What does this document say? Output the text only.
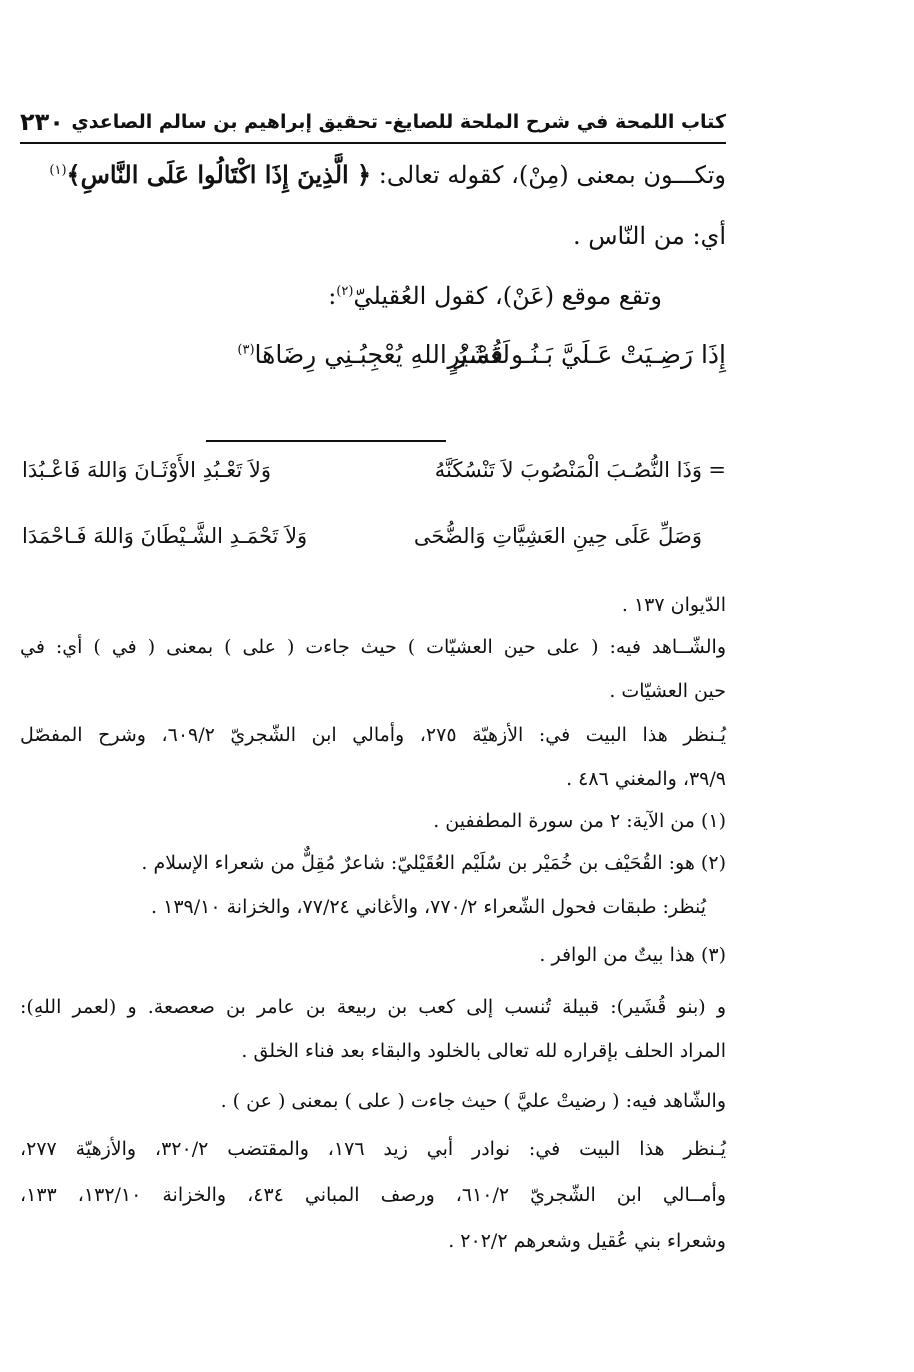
كتاب اللمحة في شرح الملحة للصايغ- تحقيق إبراهيم بن سالم الصاعدي
٢٣٠
وتكـــون بمعنى (مِنْ)، كقوله تعالى: ﴿ الَّذِينَ إِذَا اكْتَالُوا عَلَى النَّاسِ﴾$^{(١)}$
أي: من النّاس .
وتقع موقع (عَنْ)، كقول العُقيليّ$^{(٢)}$:
إِذَا رَضِـيَتْ عَـلَيَّ بَـنُـو قُشَيْرٍ
لَعَمْـرُ اللهِ يُعْجِبُـنِي رِضَاهَا$^{(٣)}$
=
وَذَا النُّصُـبَ الْمَنْصُوبَ لاَ تَنْسُكَنَّهُ
وَلاَ تَعْـبُدِ الأَوْثَـانَ وَاللهَ فَاعْـبُدَا
وَصَلِّ عَلَى حِينِ العَشِيَّاتِ وَالضُّحَى
وَلاَ تَحْمَـدِ الشَّـيْطَانَ وَاللهَ فَـاحْمَدَا
الدّيوان ١٣٧ .
والشّــاهد فيه: ( على حين العشيّات ) حيث جاءت ( على ) بمعنى ( في ) أي: في
حين العشيّات .
يُـنظر هذا البيت في: الأزهيّة ٢٧٥، وأمالي ابن الشّجريّ ٦٠٩/٢، وشرح المفصّل
٣٩/٩، والمغني ٤٨٦ .
(١) من الآية: ٢ من سورة المطففين .
(٢) هو: القُحَيْف بن خُمَيْر بن سُلَيْم العُقَيْليّ: شاعرٌ مُقِلٌّ من شعراء الإسلام .
يُنظر: طبقات فحول الشّعراء ٧٧٠/٢، والأغاني ٧٧/٢٤، والخزانة ١٣٩/١٠ .
(٣) هذا بيتٌ من الوافر .
و (بنو قُشَير): قبيلة تُنسب إلى كعب بن ربيعة بن عامر بن صعصعة. و (لعمر اللهِ):
المراد الحلف بإقراره لله تعالى بالخلود والبقاء بعد فناء الخلق .
والشّاهد فيه: ( رضيتْ عليَّ ) حيث جاءت ( على ) بمعنى ( عن ) .
يُـنظر هذا البيت في: نوادر أبي زيد ١٧٦، والمقتضب ٣٢٠/٢، والأزهيّة ٢٧٧،
وأمــالي ابن الشّجريّ ٦١٠/٢، ورصف المباني ٤٣٤، والخزانة ١٣٢/١٠، ١٣٣،
وشعراء بني عُقيل وشعرهم ٢٠٢/٢ .
